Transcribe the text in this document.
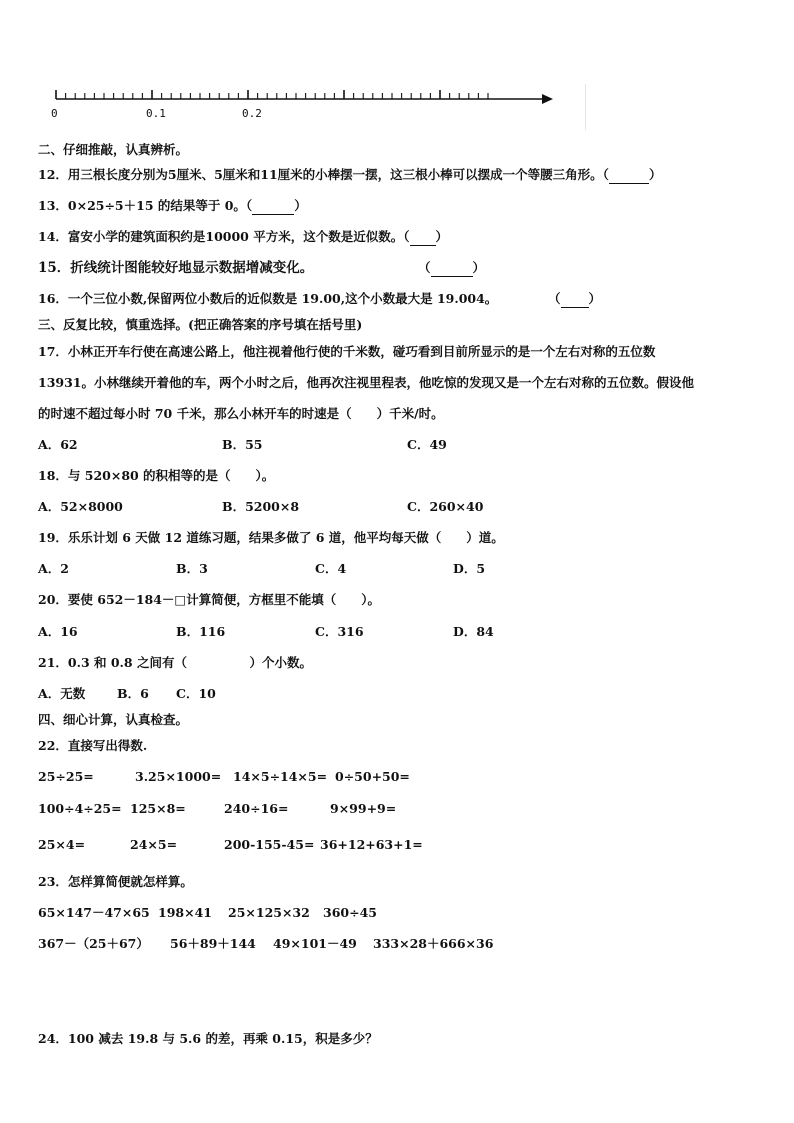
0	0.1	0.2
二、仔细推敲，认真辨析。
12．用三根长度分别为5厘米、5厘米和11厘米的小棒摆一摆，这三根小棒可以摆成一个等腰三角形。（	）
13．0×25÷5＋15 的结果等于 0。（	）
14．富安小学的建筑面积约是10000 平方米，这个数是近似数。（ ）
15．折线统计图能较好地显示数据增减变化。	（	）
16．一个三位小数,保留两位小数后的近似数是 19.00,这个小数最大是 19.004。	（ ）
三、反复比较，慎重选择。(把正确答案的序号填在括号里)
17．小林正开车行使在高速公路上，他注视着他行使的千米数，碰巧看到目前所显示的是一个左右对称的五位数
13931。小林继续开着他的车，两个小时之后，他再次注视里程表，他吃惊的发现又是一个左右对称的五位数。假设他
的时速不超过每小时 70 千米，那么小林开车的时速是（　　）千米/时。
A．62	B．55	C．49
18．与 520×80 的积相等的是（　　）。
A．52×8000	B．5200×8	C．260×40
19．乐乐计划 6 天做 12 道练习题，结果多做了 6 道，他平均每天做（　　）道。
A．2	B．3	C．4	D．5
20．要使 652－184－□计算简便，方框里不能填（　　）。
A．16	B．116	C．316	D．84
21．0.3 和 0.8 之间有（　　　　　）个小数。
A．无数	B．6 C．10
四、细心计算，认真检查。
22．直接写出得数.
25÷25=	3.25×1000= 14×5÷14×5= 0÷50+50=
100÷4÷25= 125×8=	240÷16=	9×99+9=
25×4=	24×5=	200-155-45= 36+12+63+1=
23．怎样算简便就怎样算。
65×147－47×65 198×41 25×125×32 360÷45
367－（25＋67） 56＋89＋144 49×101－49 333×28＋666×36
24．100 减去 19.8 与 5.6 的差，再乘 0.15，积是多少？
